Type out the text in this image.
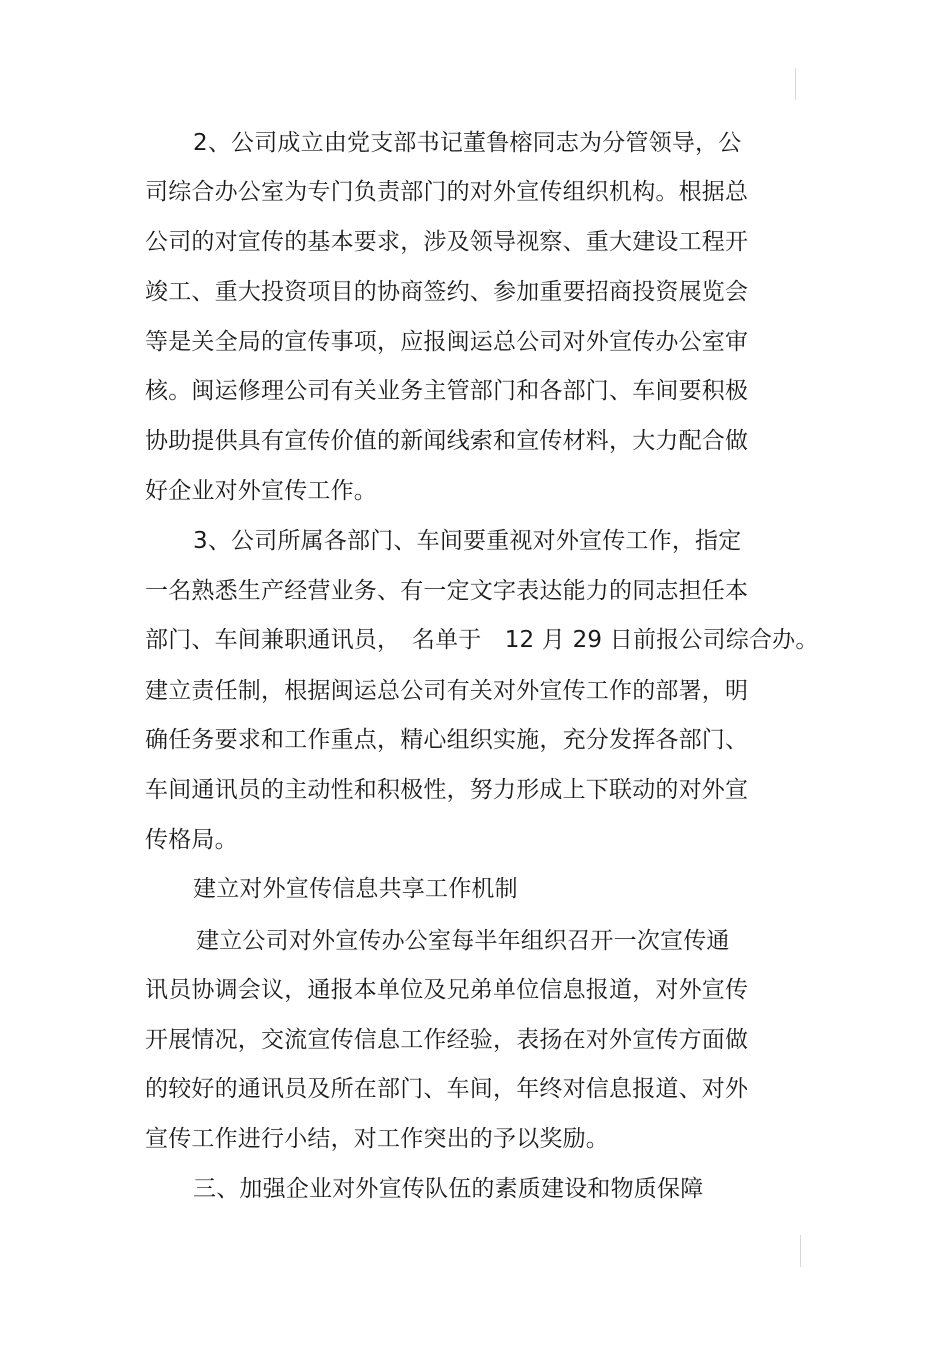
2、公司成立由党支部书记董鲁榕同志为分管领导，公
司综合办公室为专门负责部门的对外宣传组织机构。根据总
公司的对宣传的基本要求，涉及领导视察、重大建设工程开
竣工、重大投资项目的协商签约、参加重要招商投资展览会
等是关全局的宣传事项，应报闽运总公司对外宣传办公室审
核。闽运修理公司有关业务主管部门和各部门、车间要积极
协助提供具有宣传价值的新闻线索和宣传材料，大力配合做
好企业对外宣传工作。
3、公司所属各部门、车间要重视对外宣传工作，指定
一名熟悉生产经营业务、有一定文字表达能力的同志担任本
部门、车间兼职通讯员，　名单于　12 月 29 日前报公司综合办。
建立责任制，根据闽运总公司有关对外宣传工作的部署，明
确任务要求和工作重点，精心组织实施，充分发挥各部门、
车间通讯员的主动性和积极性，努力形成上下联动的对外宣
传格局。
建立对外宣传信息共享工作机制
建立公司对外宣传办公室每半年组织召开一次宣传通
讯员协调会议，通报本单位及兄弟单位信息报道，对外宣传
开展情况，交流宣传信息工作经验，表扬在对外宣传方面做
的较好的通讯员及所在部门、车间，年终对信息报道、对外
宣传工作进行小结，对工作突出的予以奖励。
三、加强企业对外宣传队伍的素质建设和物质保障
